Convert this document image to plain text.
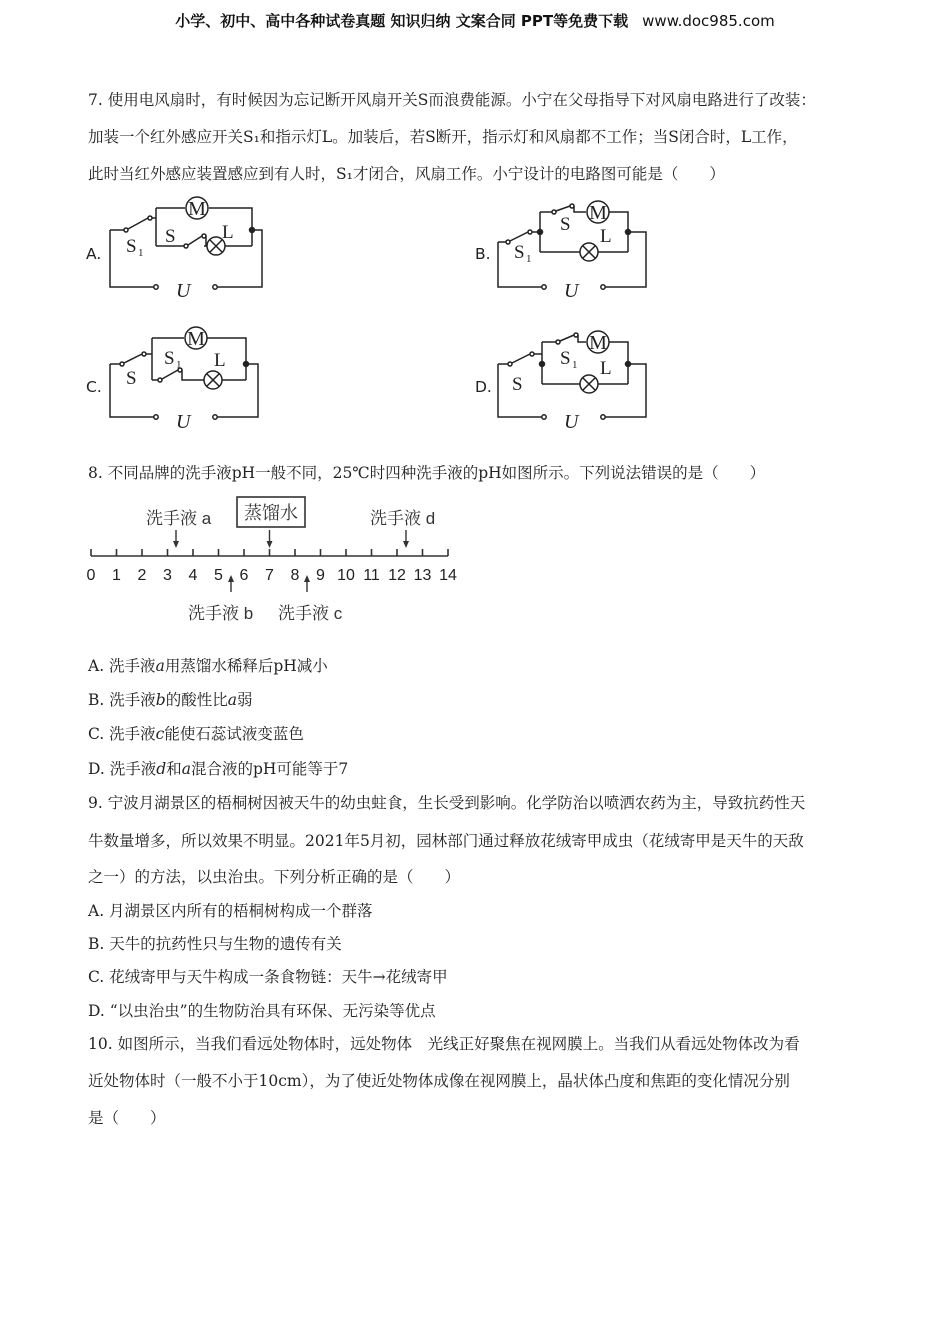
小学、初中、高中各种试卷真题 知识归纳 文案合同 PPT等免费下载 www.doc985.com
7. 使用电风扇时，有时候因为忘记断开风扇开关S而浪费能源。小宁在父母指导下对风扇电路进行了改装：
加装一个红外感应开关S₁和指示灯L。加装后，若S断开，指示灯和风扇都不工作；当S闭合时，L工作，
此时当红外感应装置感应到有人时，S₁才闭合，风扇工作。小宁设计的电路图可能是（　　）
A.	B.
C.	D.
M
S 1
S L
U
M
S 1
S
L
U
M
S
S 1 L
U
M
S
S 1 L
U
8. 不同品牌的洗手液pH一般不同，25℃时四种洗手液的pH如图所示。下列说法错误的是（　　）
洗手液 a	洗手液 d
洗手液 b 洗手液 c
蒸馏水
0 1 2 3 4 5 6 7 8 9 10 11 12 13 14
A. 洗手液a用蒸馏水稀释后pH减小
B. 洗手液b的酸性比a弱
C. 洗手液c能使石蕊试液变蓝色
D. 洗手液d和a混合液的pH可能等于7
9. 宁波月湖景区的梧桐树因被天牛的幼虫蛀食，生长受到影响。化学防治以喷洒农药为主，导致抗药性天
牛数量增多，所以效果不明显。2021年5月初，园林部门通过释放花绒寄甲成虫（花绒寄甲是天牛的天敌
之一）的方法，以虫治虫。下列分析正确的是（　　）
A. 月湖景区内所有的梧桐树构成一个群落
B. 天牛的抗药性只与生物的遗传有关
C. 花绒寄甲与天牛构成一条食物链：天牛→花绒寄甲
D. “以虫治虫”的生物防治具有环保、无污染等优点
10. 如图所示，当我们看远处物体时，远处物体　光线正好聚焦在视网膜上。当我们从看远处物体改为看
近处物体时（一般不小于10cm），为了使近处物体成像在视网膜上，晶状体凸度和焦距的变化情况分别
是（　　）
